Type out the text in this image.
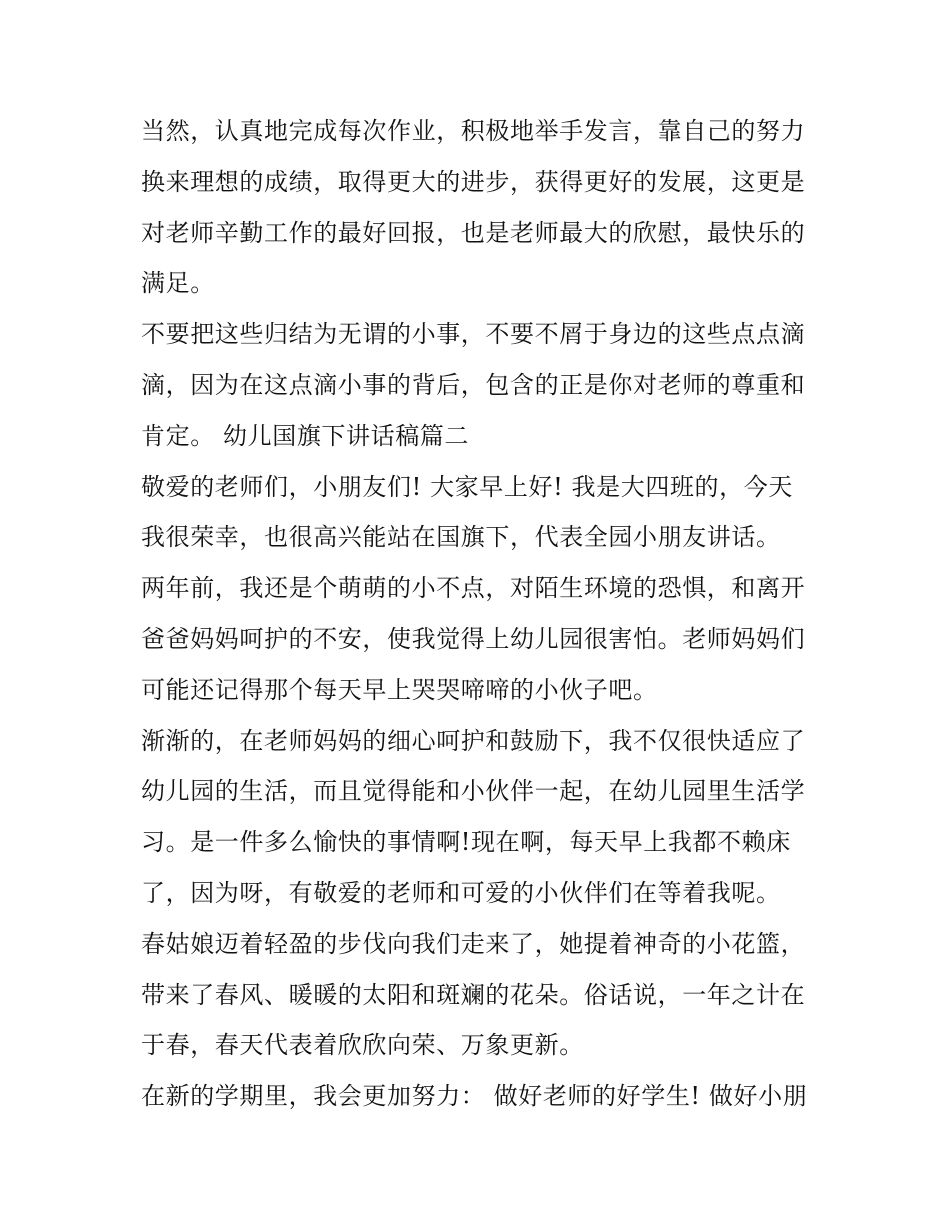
当然，认真地完成每次作业，积极地举手发言，靠自己的努力
换来理想的成绩，取得更大的进步，获得更好的发展，这更是
对老师辛勤工作的最好回报，也是老师最大的欣慰，最快乐的
满足。
不要把这些归结为无谓的小事，不要不屑于身边的这些点点滴
滴，因为在这点滴小事的背后，包含的正是你对老师的尊重和
肯定。 幼儿国旗下讲话稿篇二
敬爱的老师们，小朋友们! 大家早上好! 我是大四班的，今天
我很荣幸，也很高兴能站在国旗下，代表全园小朋友讲话。
两年前，我还是个萌萌的小不点，对陌生环境的恐惧，和离开
爸爸妈妈呵护的不安，使我觉得上幼儿园很害怕。老师妈妈们
可能还记得那个每天早上哭哭啼啼的小伙子吧。
渐渐的，在老师妈妈的细心呵护和鼓励下，我不仅很快适应了
幼儿园的生活，而且觉得能和小伙伴一起，在幼儿园里生活学
习。是一件多么愉快的事情啊!现在啊，每天早上我都不赖床
了，因为呀，有敬爱的老师和可爱的小伙伴们在等着我呢。
春姑娘迈着轻盈的步伐向我们走来了，她提着神奇的小花篮，
带来了春风、暖暖的太阳和斑斓的花朵。俗话说，一年之计在
于春，春天代表着欣欣向荣、万象更新。
在新的学期里，我会更加努力： 做好老师的好学生! 做好小朋
